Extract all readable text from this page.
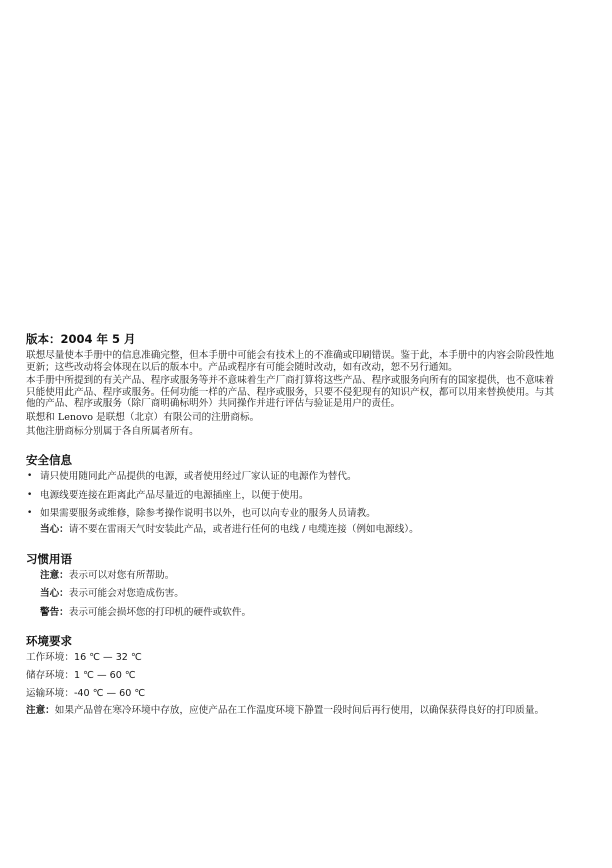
版本：2004 年 5 月

联想尽量使本手册中的信息准确完整，但本手册中可能会有技术上的不准确或印刷错误。鉴于此，本手册中的内容会阶段性地更新；这些改动将会体现在以后的版本中。产品或程序有可能会随时改动，如有改动，恕不另行通知。

本手册中所提到的有关产品、程序或服务等并不意味着生产厂商打算将这些产品、程序或服务向所有的国家提供，也不意味着只能使用此产品、程序或服务。任何功能一样的产品、程序或服务，只要不侵犯现有的知识产权，都可以用来替换使用。与其他的产品、程序或服务（除厂商明确标明外）共同操作并进行评估与验证是用户的责任。

联想和 Lenovo 是联想（北京）有限公司的注册商标。

其他注册商标分别属于各自所属者所有。

安全信息
• 请只使用随同此产品提供的电源，或者使用经过厂家认证的电源作为替代。
• 电源线要连接在距离此产品尽量近的电源插座上，以便于使用。
• 如果需要服务或维修，除参考操作说明书以外，也可以向专业的服务人员请教。
当心：请不要在雷雨天气时安装此产品，或者进行任何的电线 / 电缆连接（例如电源线）。
习惯用语
注意：表示可以对您有所帮助。
当心：表示可能会对您造成伤害。
警告：表示可能会损坏您的打印机的硬件或软件。
环境要求
工作环境：16 ℃ — 32 ℃
储存环境：1 ℃ — 60 ℃
运输环境：-40 ℃ — 60 ℃

注意：如果产品曾在寒冷环境中存放，应使产品在工作温度环境下静置一段时间后再行使用，以确保获得良好的打印质量。
